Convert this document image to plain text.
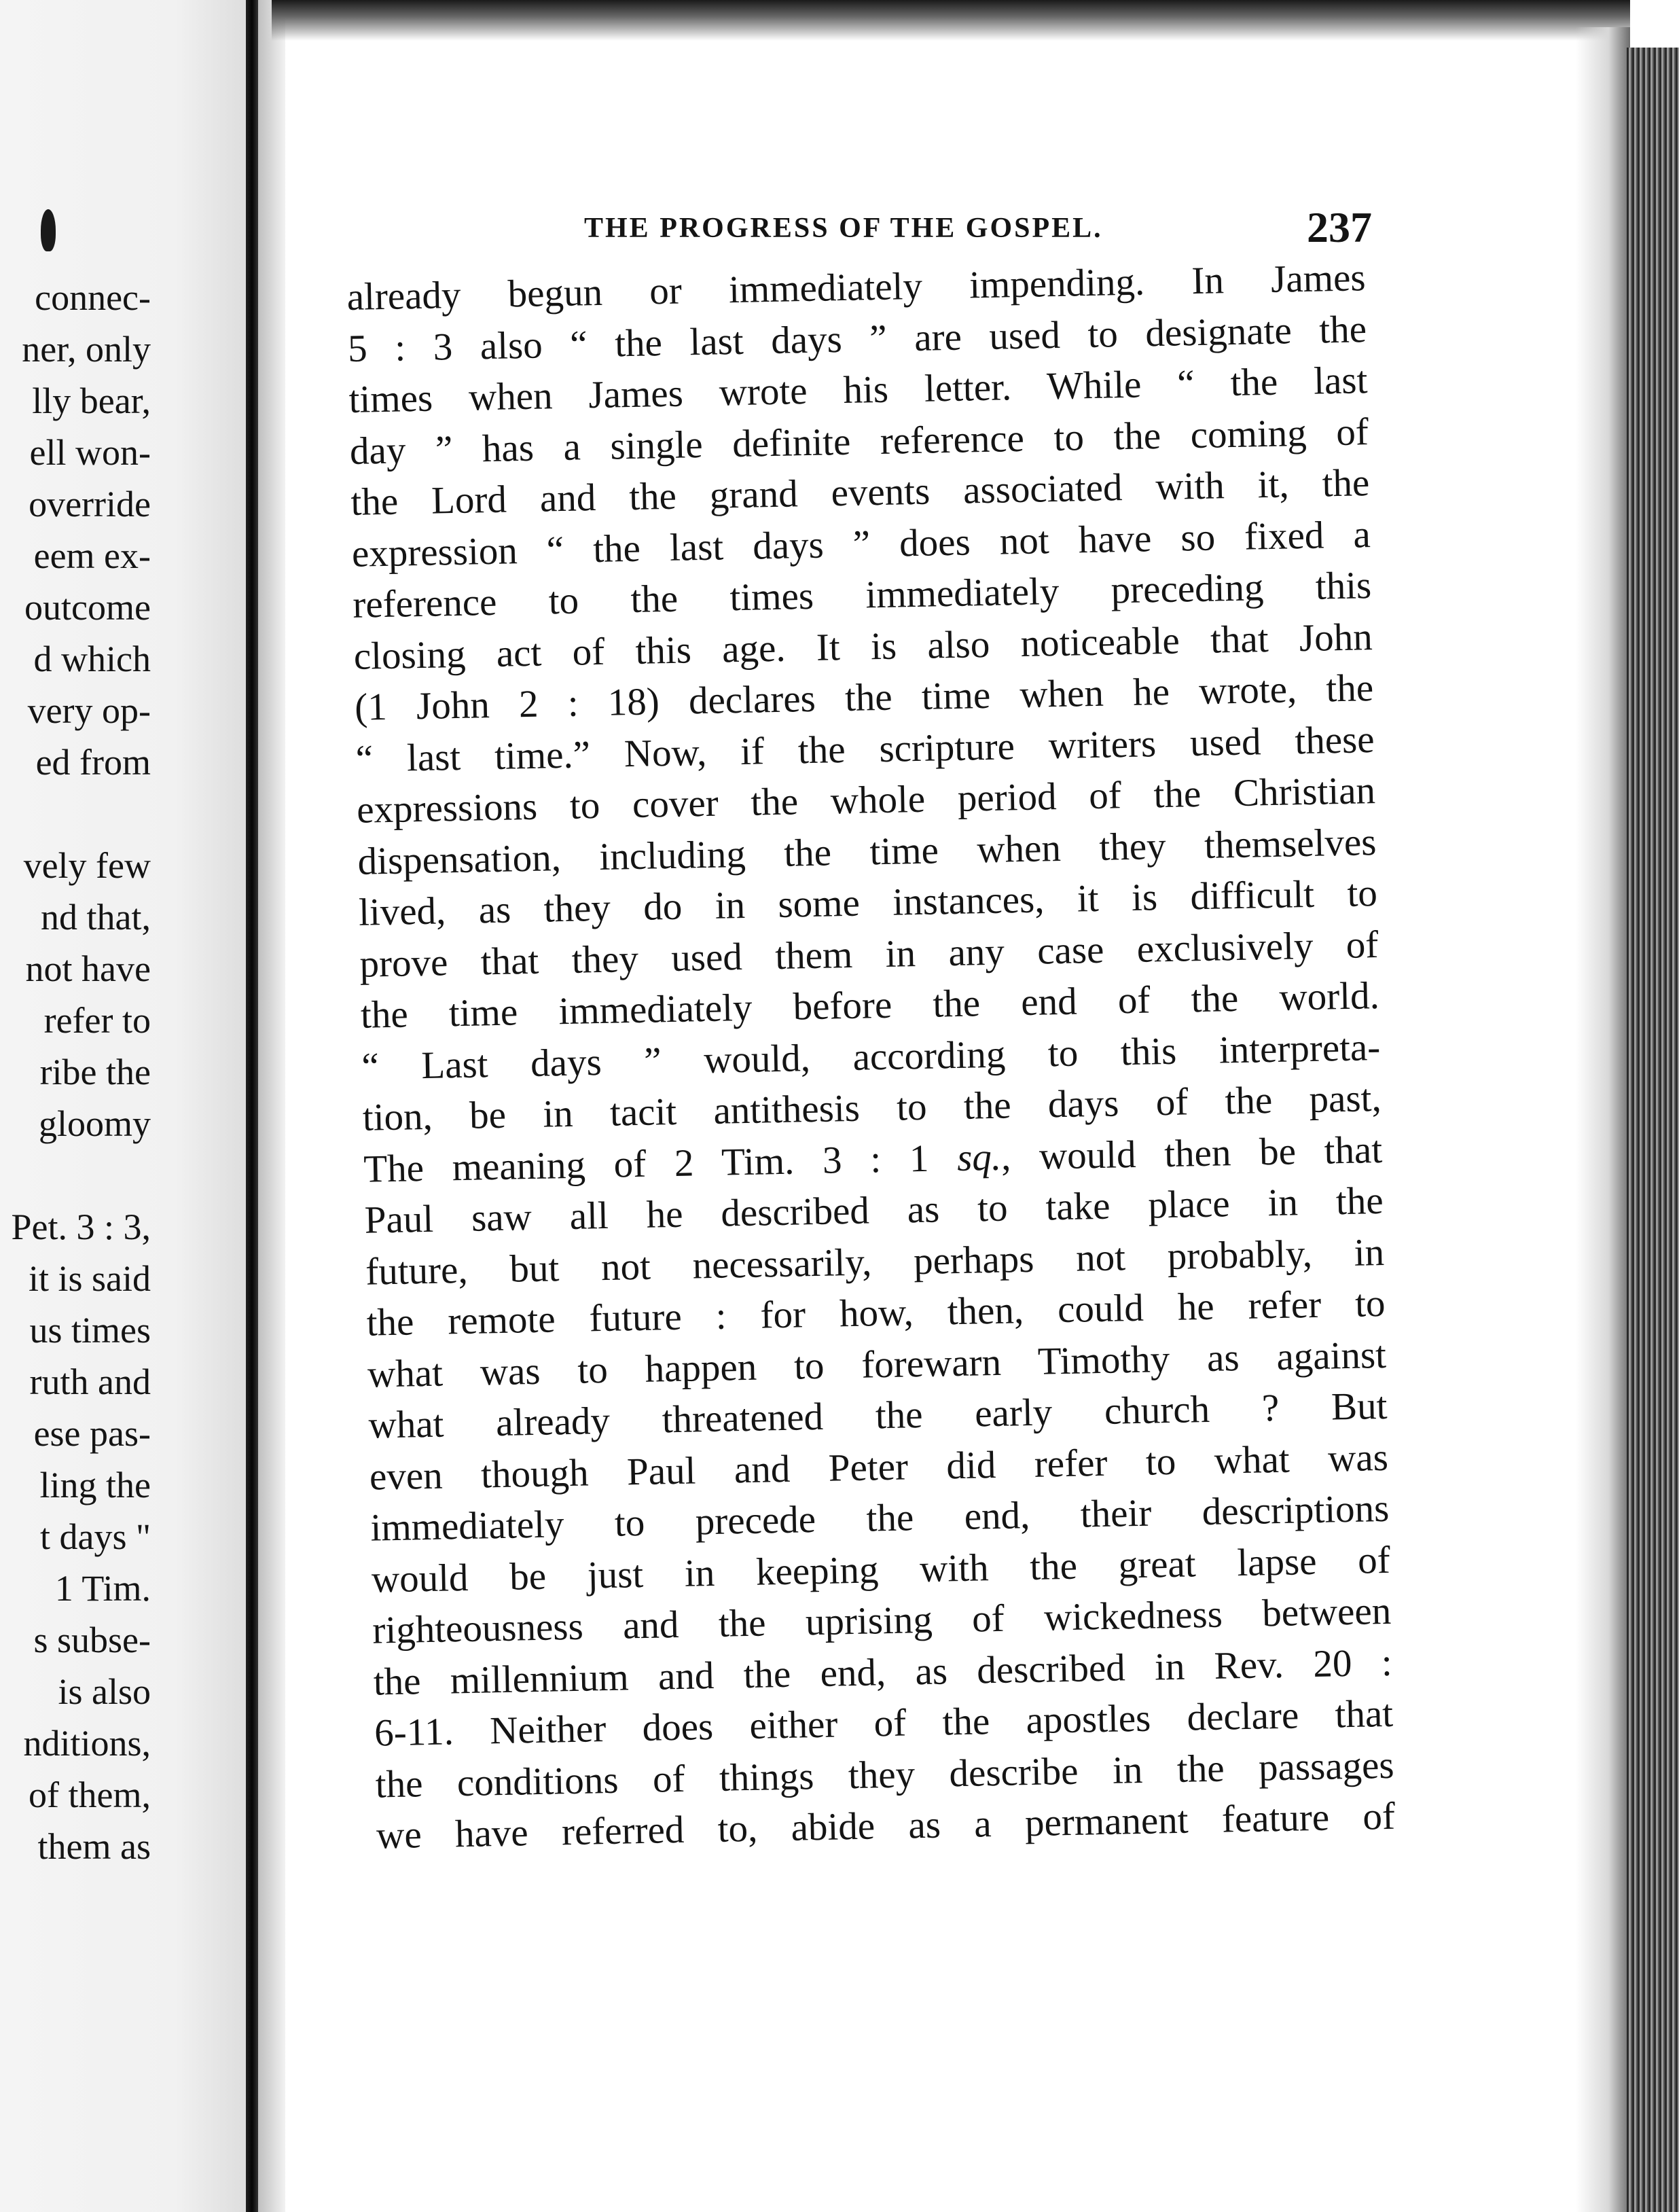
connec-
ner, only
lly bear,
ell won-
override
eem ex-
outcome
d which
very op-
ed from
vely few
nd that,
not have
refer to
ribe the
gloomy
Pet. 3 : 3,
it is said
us times
ruth and
ese pas-
ling the
t days "
1 Tim.
s subse-
is also
nditions,
of them,
them as
THE PROGRESS OF THE GOSPEL.	237
already begun or immediately impending. In James
5 : 3 also “ the last days ” are used to designate the
times when James wrote his letter. While “ the last
day ” has a single definite reference to the coming of
the Lord and the grand events associated with it, the
expression “ the last days ” does not have so fixed a
reference to the times immediately preceding this
closing act of this age. It is also noticeable that John
(1 John 2 : 18) declares the time when he wrote, the
“ last time.” Now, if the scripture writers used these
expressions to cover the whole period of the Christian
dispensation, including the time when they themselves
lived, as they do in some instances, it is difficult to
prove that they used them in any case exclusively of
the time immediately before the end of the world.
“ Last days ” would, according to this interpreta-
tion, be in tacit antithesis to the days of the past,
The meaning of 2 Tim. 3 : 1 sq., would then be that
Paul saw all he described as to take place in the
future, but not necessarily, perhaps not probably, in
the remote future : for how, then, could he refer to
what was to happen to forewarn Timothy as against
what already threatened the early church ? But
even though Paul and Peter did refer to what was
immediately to precede the end, their descriptions
would be just in keeping with the great lapse of
righteousness and the uprising of wickedness between
the millennium and the end, as described in Rev. 20 :
6-11. Neither does either of the apostles declare that
the conditions of things they describe in the passages
we have referred to, abide as a permanent feature of
